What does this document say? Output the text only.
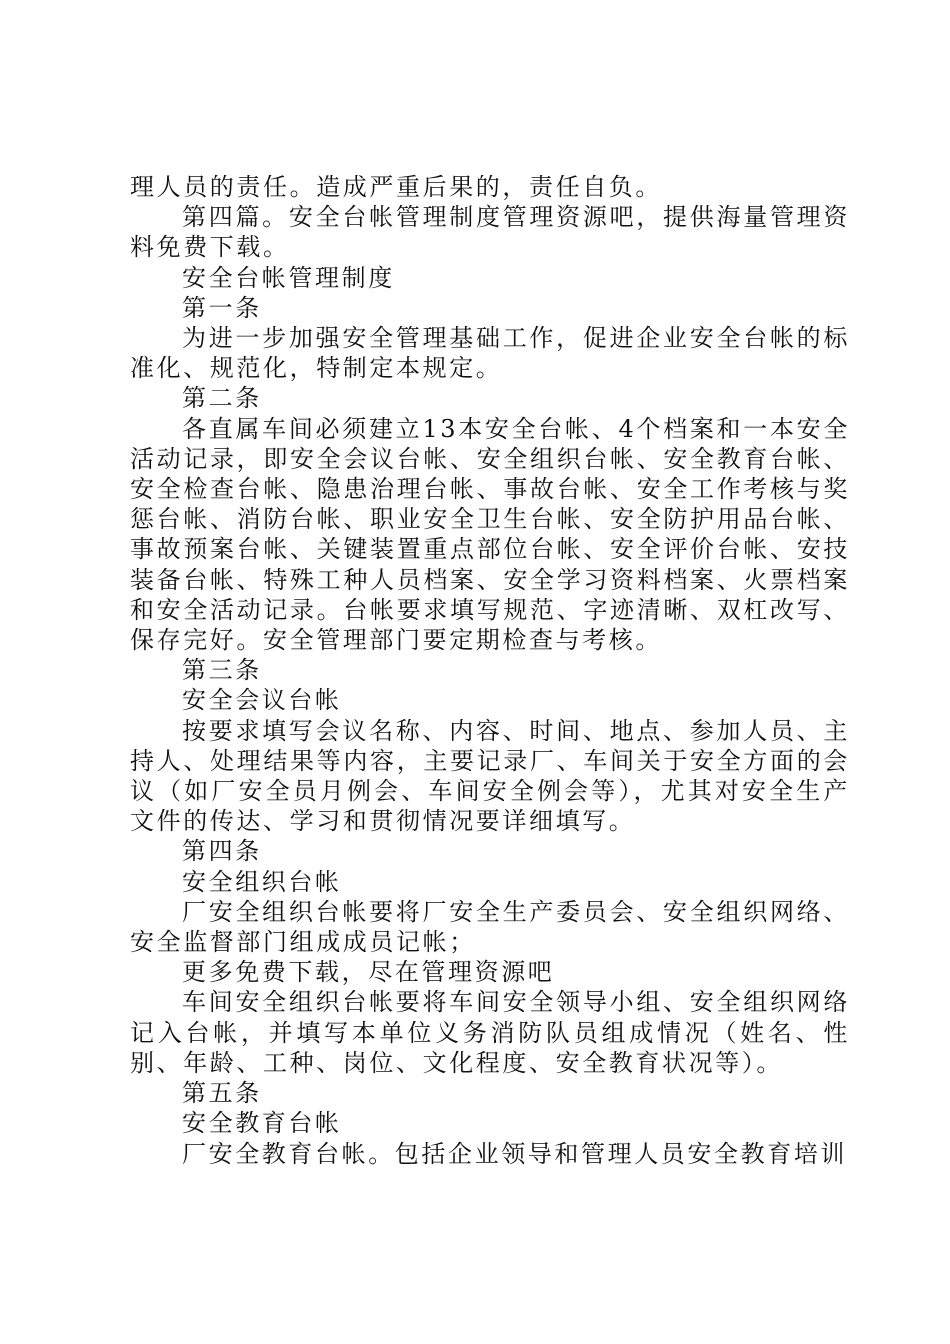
理人员的责任。造成严重后果的，责任自负。

第四篇。安全台帐管理制度管理资源吧，提供海量管理资料免费下载。

安全台帐管理制度

第一条

为进一步加强安全管理基础工作，促进企业安全台帐的标准化、规范化，特制定本规定。

第二条

各直属车间必须建立13本安全台帐、4个档案和一本安全活动记录，即安全会议台帐、安全组织台帐、安全教育台帐、安全检查台帐、隐患治理台帐、事故台帐、安全工作考核与奖惩台帐、消防台帐、职业安全卫生台帐、安全防护用品台帐、事故预案台帐、关键装置重点部位台帐、安全评价台帐、安技装备台帐、特殊工种人员档案、安全学习资料档案、火票档案和安全活动记录。台帐要求填写规范、字迹清晰、双杠改写、保存完好。安全管理部门要定期检查与考核。

第三条

安全会议台帐

按要求填写会议名称、内容、时间、地点、参加人员、主持人、处理结果等内容，主要记录厂、车间关于安全方面的会议（如厂安全员月例会、车间安全例会等），尤其对安全生产文件的传达、学习和贯彻情况要详细填写。

第四条

安全组织台帐

厂安全组织台帐要将厂安全生产委员会、安全组织网络、安全监督部门组成成员记帐；

更多免费下载，尽在管理资源吧

车间安全组织台帐要将车间安全领导小组、安全组织网络记入台帐，并填写本单位义务消防队员组成情况（姓名、性别、年龄、工种、岗位、文化程度、安全教育状况等）。

第五条

安全教育台帐

厂安全教育台帐。包括企业领导和管理人员安全教育培训
